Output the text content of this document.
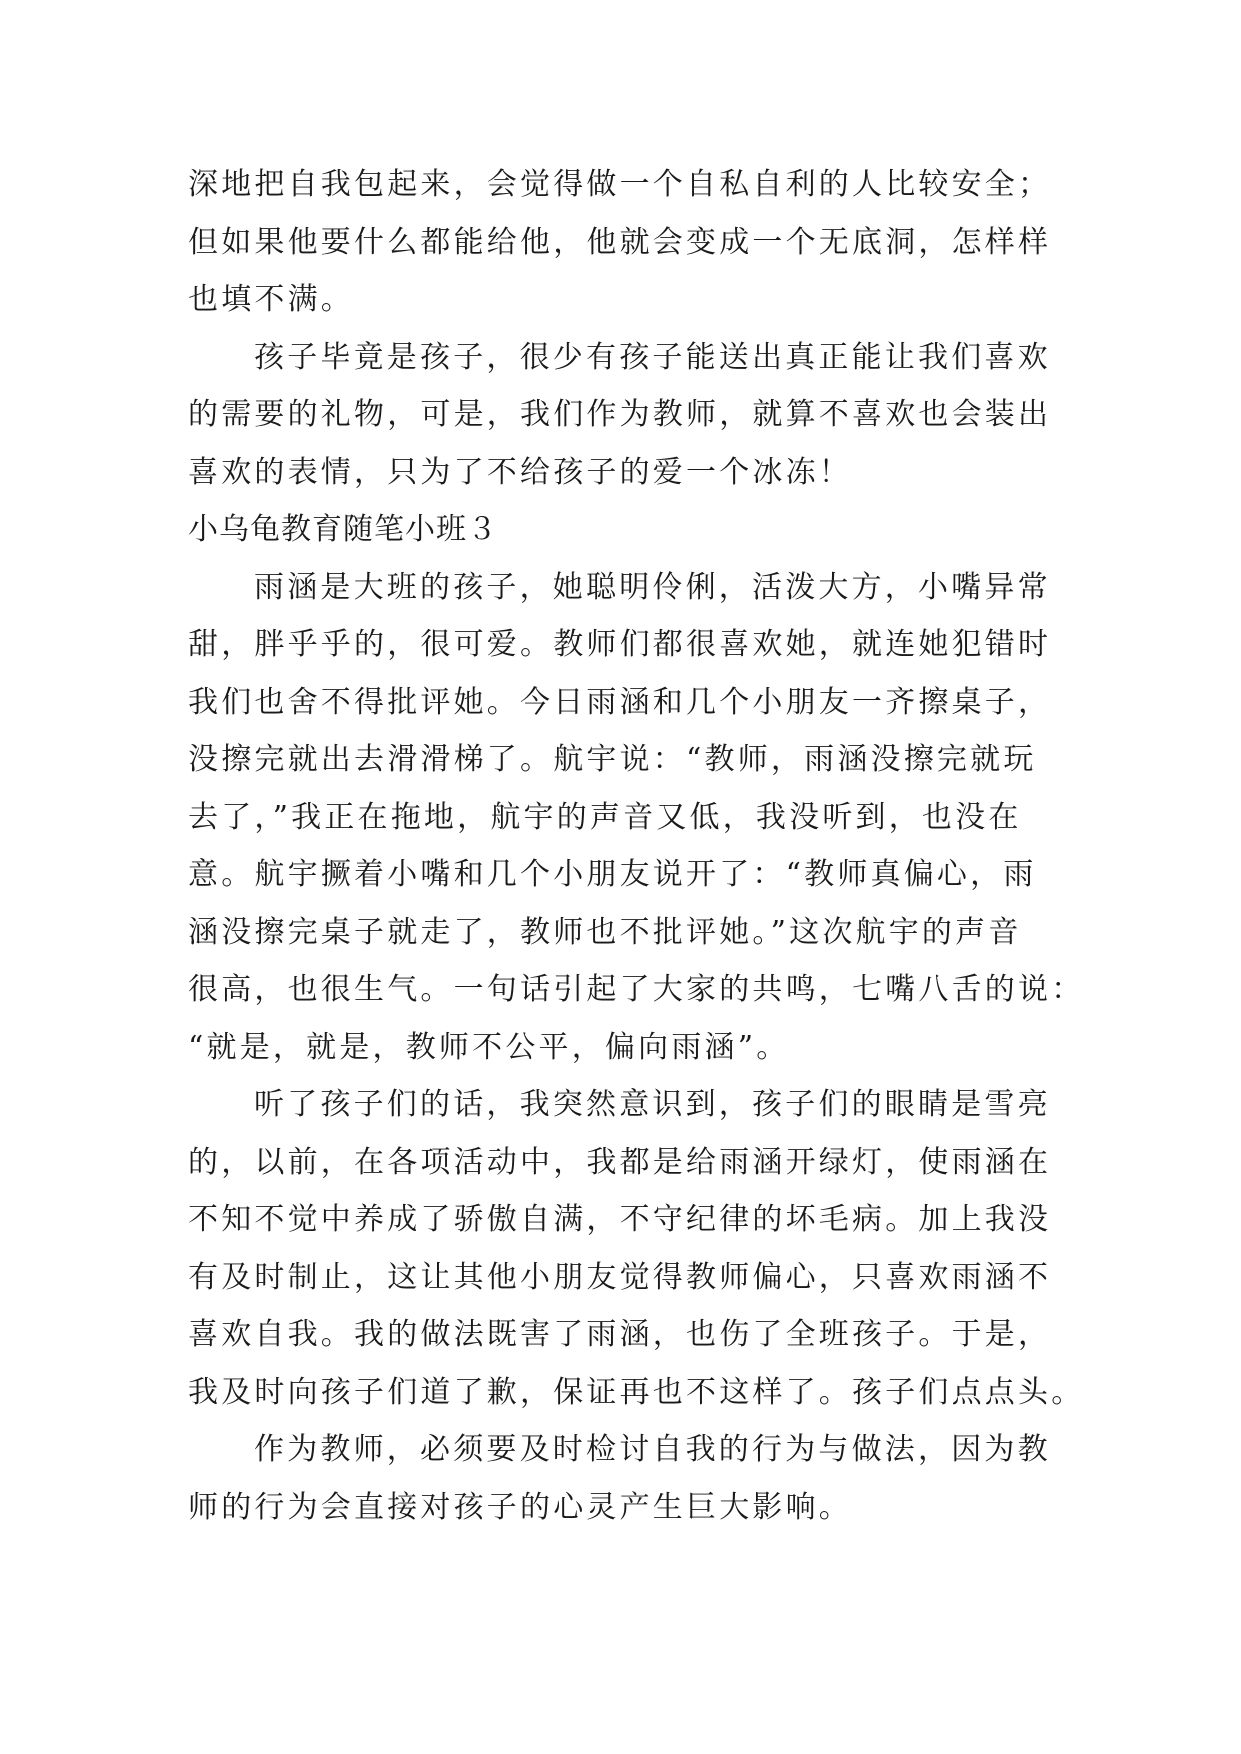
深地把自我包起来，会觉得做一个自私自利的人比较安全；
但如果他要什么都能给他，他就会变成一个无底洞，怎样样
也填不满。
孩子毕竟是孩子，很少有孩子能送出真正能让我们喜欢
的需要的礼物，可是，我们作为教师，就算不喜欢也会装出
喜欢的表情，只为了不给孩子的爱一个冰冻！
小乌龟教育随笔小班３
雨涵是大班的孩子，她聪明伶俐，活泼大方，小嘴异常
甜，胖乎乎的，很可爱。教师们都很喜欢她，就连她犯错时
我们也舍不得批评她。今日雨涵和几个小朋友一齐擦桌子，
没擦完就出去滑滑梯了。航宇说：“教师，雨涵没擦完就玩
去了，”我正在拖地，航宇的声音又低，我没听到，也没在
意。航宇撅着小嘴和几个小朋友说开了：“教师真偏心，雨
涵没擦完桌子就走了，教师也不批评她。”这次航宇的声音
很高，也很生气。一句话引起了大家的共鸣，七嘴八舌的说：
“就是，就是，教师不公平，偏向雨涵”。
听了孩子们的话，我突然意识到，孩子们的眼睛是雪亮
的，以前，在各项活动中，我都是给雨涵开绿灯，使雨涵在
不知不觉中养成了骄傲自满，不守纪律的坏毛病。加上我没
有及时制止，这让其他小朋友觉得教师偏心，只喜欢雨涵不
喜欢自我。我的做法既害了雨涵，也伤了全班孩子。于是，
我及时向孩子们道了歉，保证再也不这样了。孩子们点点头。
作为教师，必须要及时检讨自我的行为与做法，因为教
师的行为会直接对孩子的心灵产生巨大影响。
